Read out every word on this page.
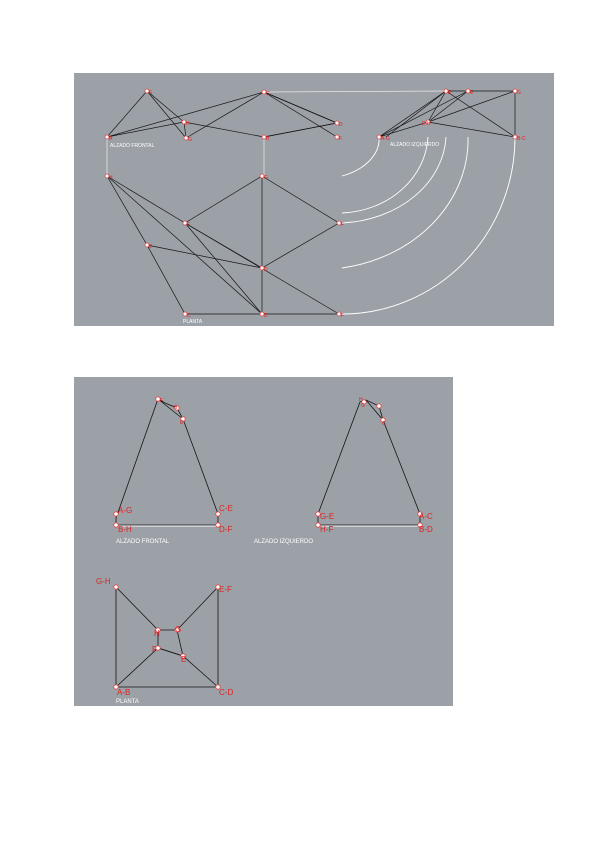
E
H
G
A
C
B
D
F
E	E	G
A-G
E-H
B-C
H	G
F	F
E
D
C	D	F
ALZADO FRONTAL	ALZADO IZQUIERDO
PLANTA
F
B
E
A-G
B-H
C-E
D-F
ALZADO FRONTAL
G
H
C
G-E
H-F
A-C
B-D
ALZADO IZQUIERDO
G-H
E-F
H G
F
E
A-B	C-D
PLANTA
